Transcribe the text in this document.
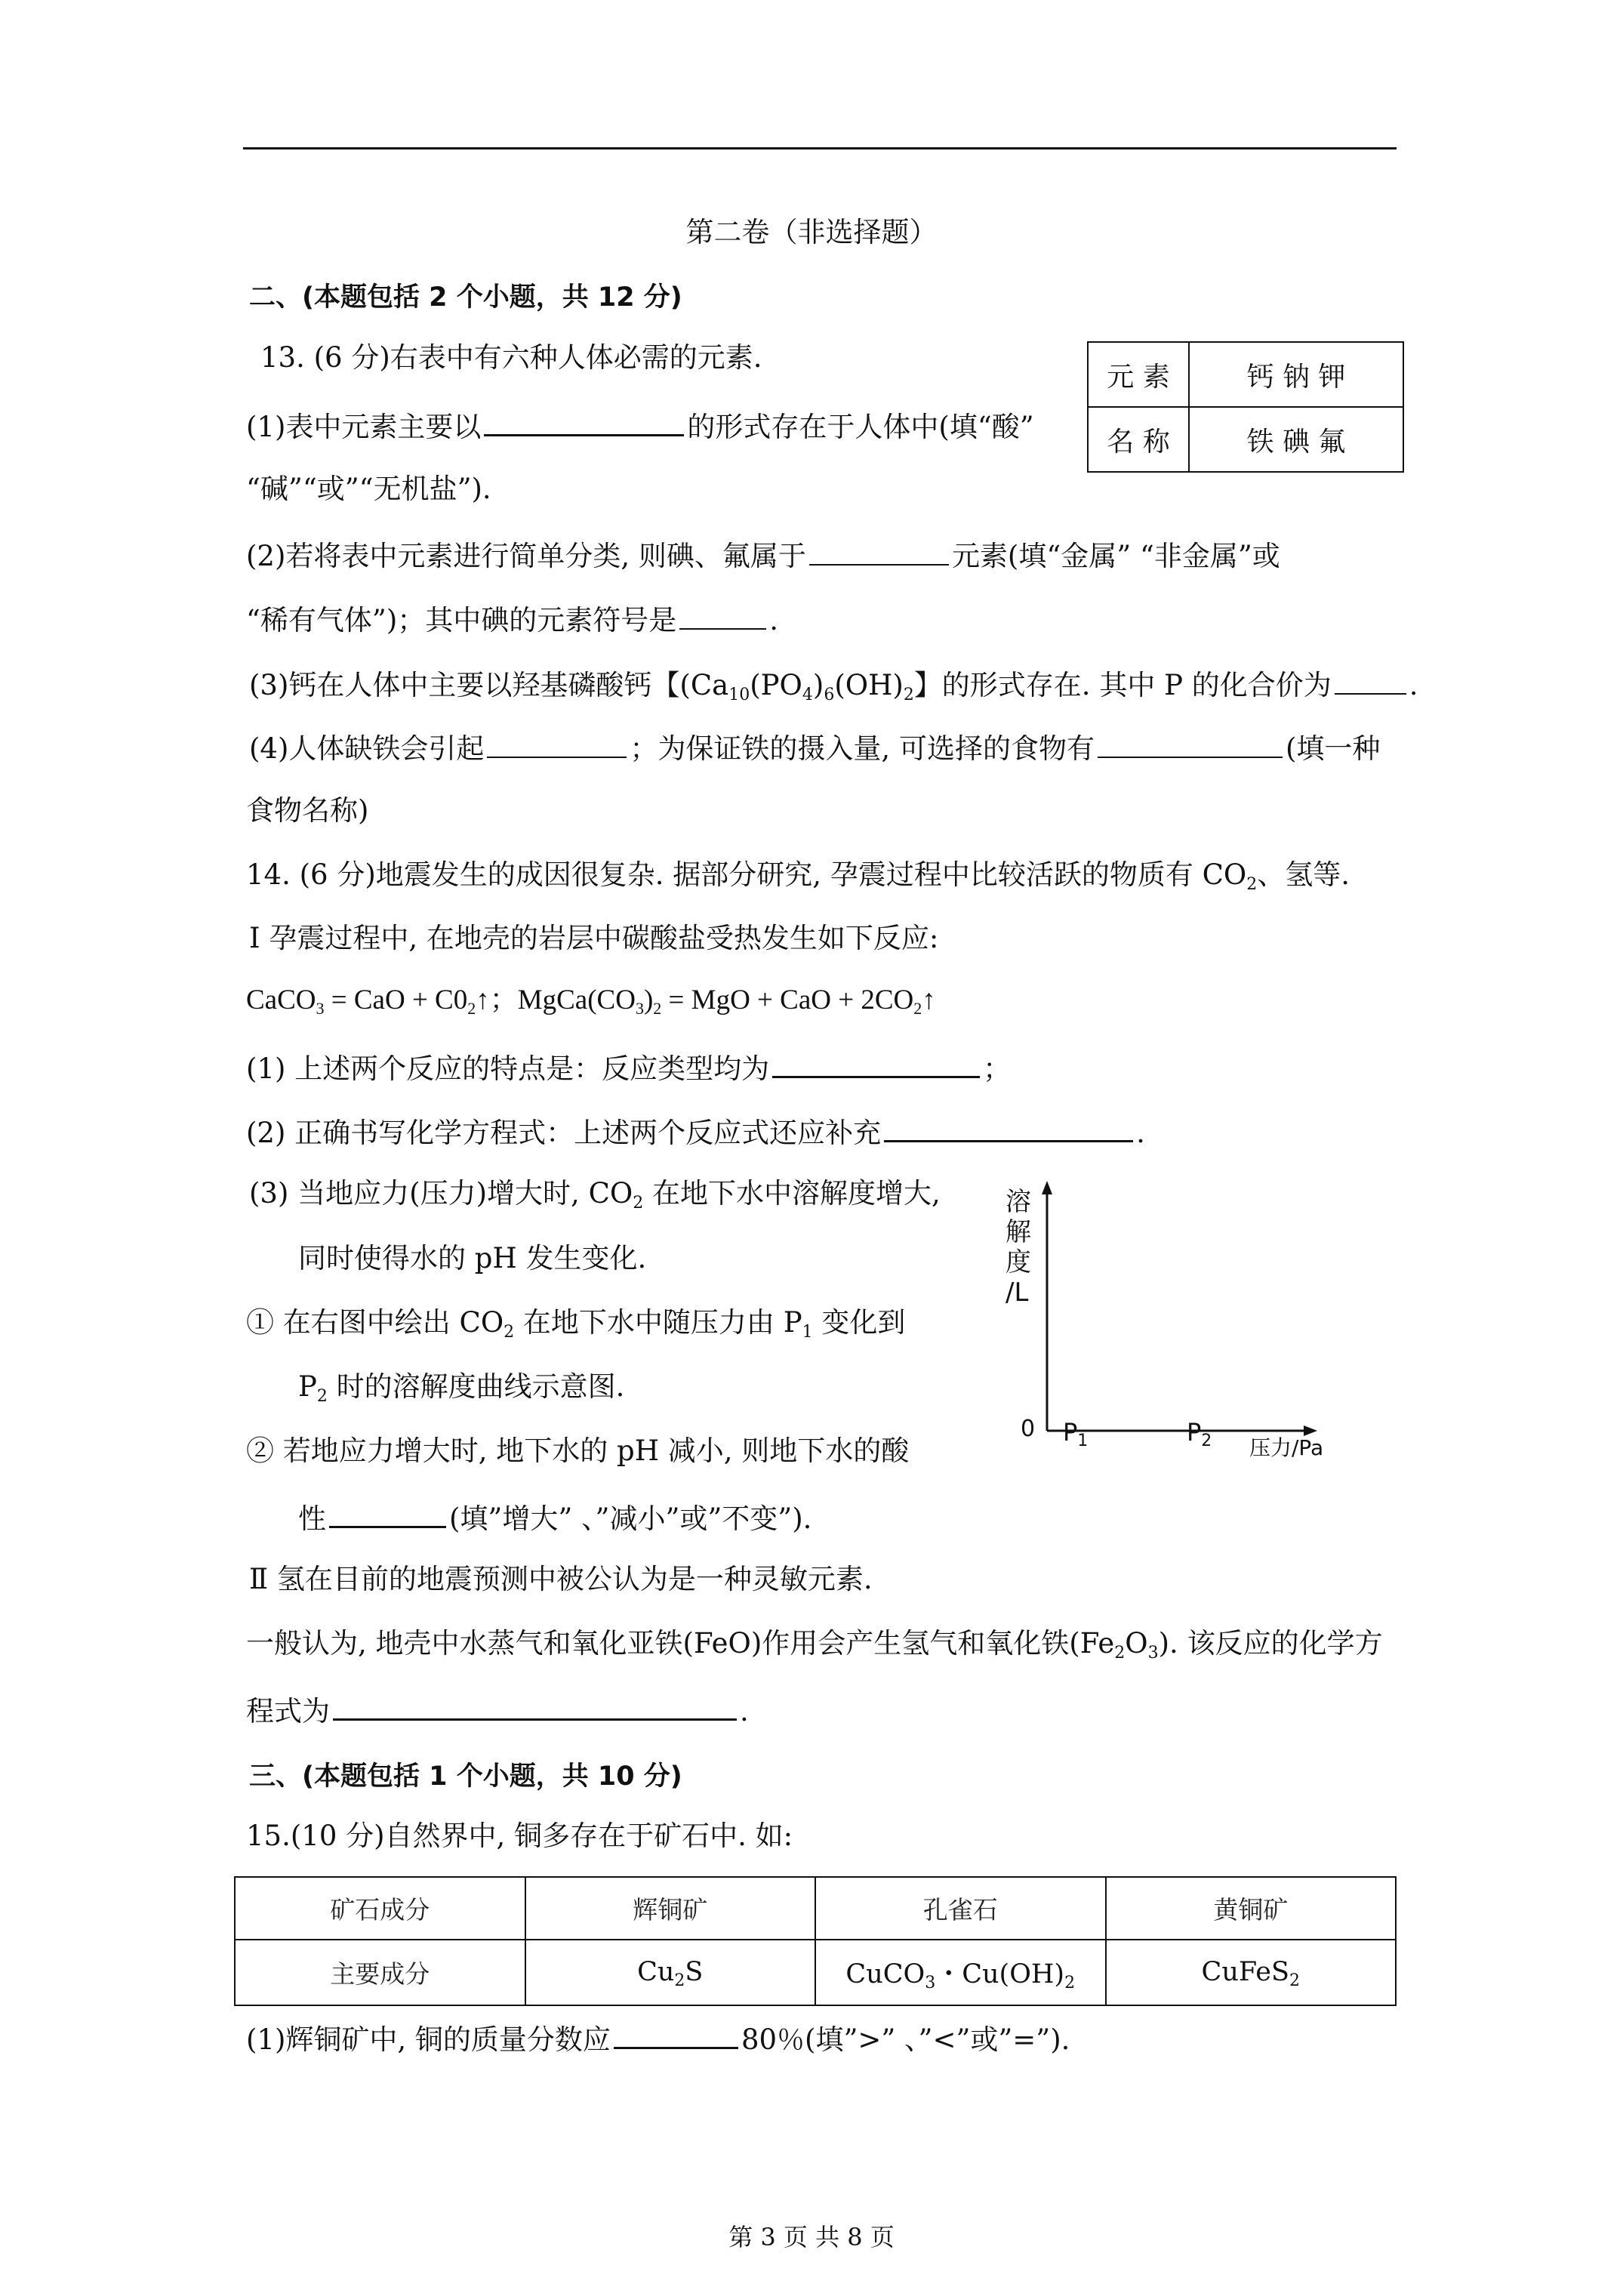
第二卷（非选择题）
二、(本题包括 2 个小题，共 12 分)
13. (6 分)右表中有六种人体必需的元素.
(1)表中元素主要以	的形式存在于人体中(填“酸”
“碱”“或”“无机盐”).
(2)若将表中元素进行简单分类, 则碘、氟属于	元素(填“金属” “非金属”或
“稀有气体”)；其中碘的元素符号是	.
(3)钙在人体中主要以羟基磷酸钙【($Ca_{10}(PO_4)_6(OH)_2$】的形式存在. 其中 P 的化合价为	.
(4)人体缺铁会引起	；为保证铁的摄入量, 可选择的食物有	(填一种
食物名称)
元 素	钙 钠 钾
名 称	铁 碘 氟
14. (6 分)地震发生的成因很复杂. 据部分研究, 孕震过程中比较活跃的物质有 $CO_2$、氢等.
Ⅰ 孕震过程中, 在地壳的岩层中碳酸盐受热发生如下反应:
CaCO$_3$ = CaO + $C0_2↑$；$MgCa(CO_3)_2$ = MgO + CaO + $2CO_2↑$
(1) 上述两个反应的特点是：反应类型均为	；
(2) 正确书写化学方程式：上述两个反应式还应补充	.
(3) 当地应力(压力)增大时, $CO_2$ 在地下水中溶解度增大,
同时使得水的 pH 发生变化.
① 在右图中绘出 $CO_2$ 在地下水中随压力由 $P_1$ 变化到
$P_2$ 时的溶解度曲线示意图.
② 若地应力增大时, 地下水的 pH 减小, 则地下水的酸
性	(填”增大” 、”减小”或”不变”).
Ⅱ 氢在目前的地震预测中被公认为是一种灵敏元素.
一般认为, 地壳中水蒸气和氧化亚铁(FeO)作用会产生氢气和氧化铁$(Fe_2O_3)$. 该反应的化学方
程式为	.
溶
解
度
/L
0 $P_1$	$P_2$ 压力/Pa
三、(本题包括 1 个小题，共 10 分)
15.(10 分)自然界中, 铜多存在于矿石中. 如:
矿石成分	辉铜矿	孔雀石	黄铜矿
主要成分	$Cu_2S$	CuCO$_3$・$Cu(OH)_2$	CuFeS$_2$
(1)辉铜矿中, 铜的质量分数应	80％(填”>” 、”<”或”=”).
第 3 页 共 8 页
